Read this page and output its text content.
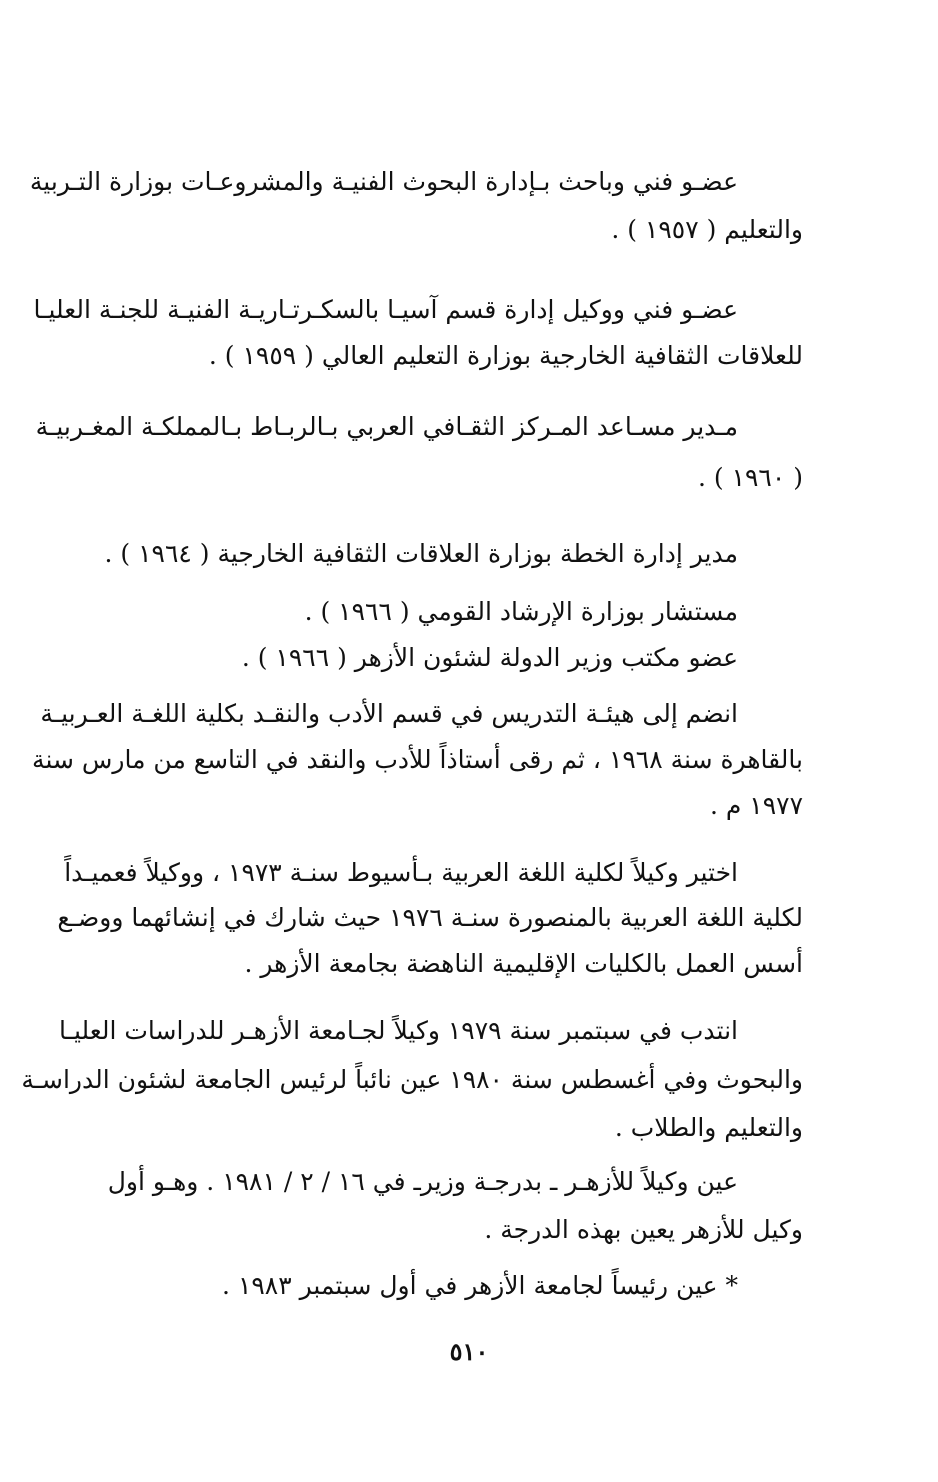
عضـو فني وباحث بـإدارة البحوث الفنيـة والمشروعـات بوزارة التـربية
والتعليم ( ١٩٥٧ ) .
عضـو فني ووكيل إدارة قسم آسيـا بالسكـرتـاريـة الفنيـة للجنـة العليـا
للعلاقات الثقافية الخارجية بوزارة التعليم العالي ( ١٩٥٩ ) .
مـدير مسـاعد المـركز الثقـافي العربي بـالربـاط بـالمملكـة المغـربيـة
( ١٩٦٠ ) .
مدير إدارة الخطة بوزارة العلاقات الثقافية الخارجية ( ١٩٦٤ ) .
مستشار بوزارة الإرشاد القومي ( ١٩٦٦ ) .
عضو مكتب وزير الدولة لشئون الأزهر ( ١٩٦٦ ) .
انضم إلى هيئـة التدريس في قسم الأدب والنقـد بكلية اللغـة العـربيـة
بالقاهرة سنة ١٩٦٨ ، ثم رقى أستاذاً للأدب والنقد في التاسع من مارس سنة
١٩٧٧ م .
اختير وكيلاً لكلية اللغة العربية بـأسيوط سنـة ١٩٧٣ ، ووكيلاً فعميـداً
لكلية اللغة العربية بالمنصورة سنـة ١٩٧٦ حيث شارك في إنشائهما ووضـع
أسس العمل بالكليات الإقليمية الناهضة بجامعة الأزهر .
انتدب في سبتمبر سنة ١٩٧٩ وكيلاً لجـامعة الأزهـر للدراسات العليـا
والبحوث وفي أغسطس سنة ١٩٨٠ عين نائباً لرئيس الجامعة لشئون الدراسـة
والتعليم والطلاب .
عين وكيلاً للأزهـر ـ بدرجـة وزيرـ في ١٦ / ٢ / ١٩٨١ . وهـو أول
وكيل للأزهر يعين بهذه الدرجة .
* عين رئيساً لجامعة الأزهر في أول سبتمبر ١٩٨٣ .
٥١٠
